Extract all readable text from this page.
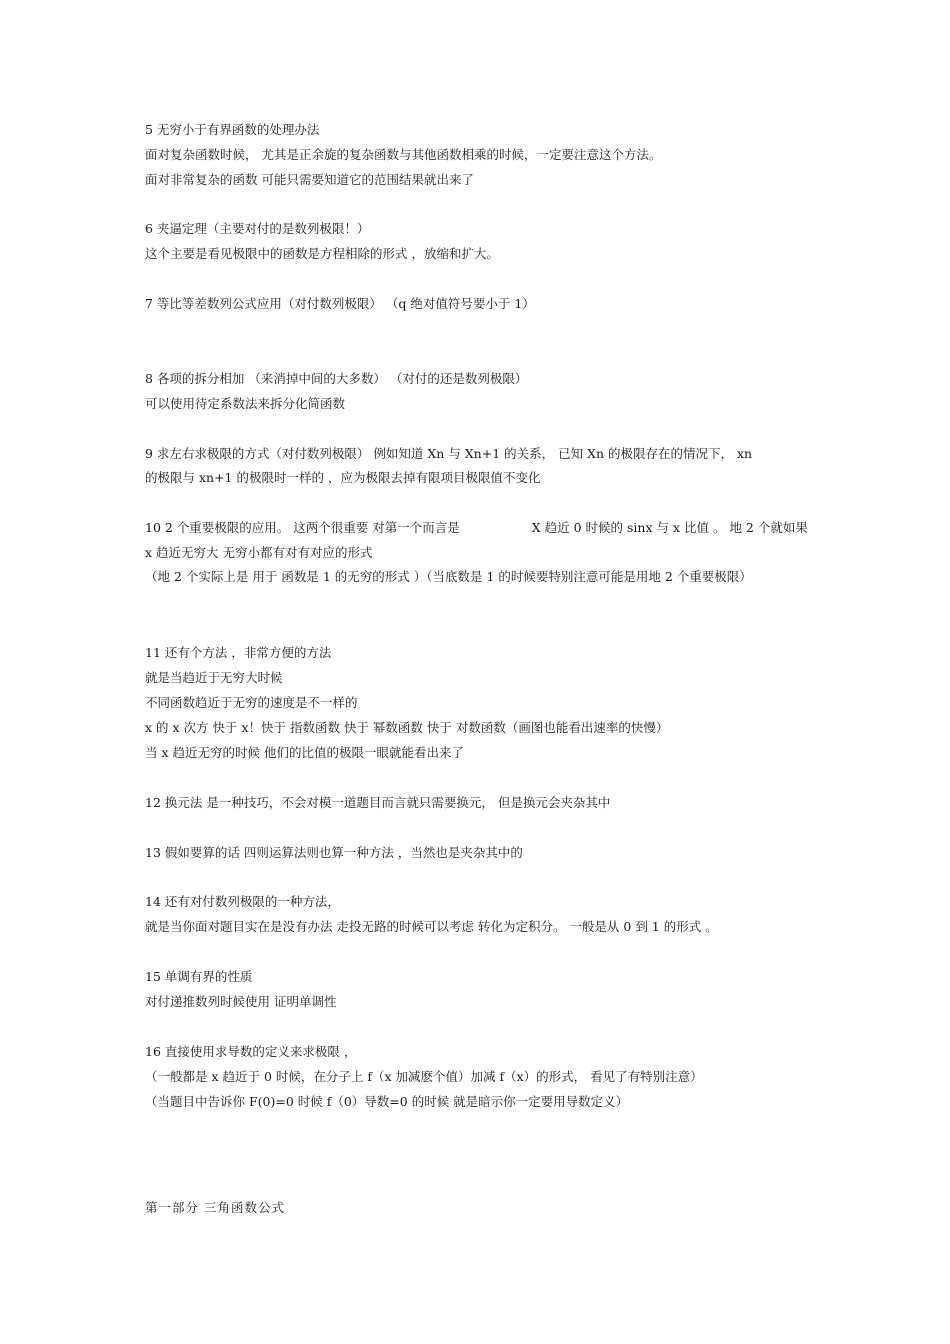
5 无穷小于有界函数的处理办法
面对复杂函数时候， 尤其是正余旋的复杂函数与其他函数相乘的时候，一定要注意这个方法。
面对非常复杂的函数 可能只需要知道它的范围结果就出来了
6 夹逼定理（主要对付的是数列极限！）
这个主要是看见极限中的函数是方程相除的形式 ，放缩和扩大。
7 等比等差数列公式应用（对付数列极限） （q 绝对值符号要小于 1）
8 各项的拆分相加 （来消掉中间的大多数） （对付的还是数列极限）
可以使用待定系数法来拆分化简函数
9 求左右求极限的方式（对付数列极限） 例如知道 Xn 与 Xn+1 的关系， 已知 Xn 的极限存在的情况下， xn
的极限与 xn+1 的极限时一样的 ，应为极限去掉有限项目极限值不变化
10 2 个重要极限的应用。 这两个很重要 对第一个而言是	X 趋近 0 时候的 sinx 与 x 比值 。 地 2 个就如果 x 趋近无穷大 无穷小都有对有对应的形式
（地 2 个实际上是 用于 函数是 1 的无穷的形式 ）（当底数是 1 的时候要特别注意可能是用地 2 个重要极限）
11 还有个方法 ，非常方便的方法
就是当趋近于无穷大时候
不同函数趋近于无穷的速度是不一样的
x 的 x 次方 快于 x！快于 指数函数 快于 幂数函数 快于 对数函数（画图也能看出速率的快慢）
当 x 趋近无穷的时候 他们的比值的极限一眼就能看出来了
12 换元法 是一种技巧，不会对模一道题目而言就只需要换元， 但是换元会夹杂其中
13 假如要算的话 四则运算法则也算一种方法 ，当然也是夹杂其中的
14 还有对付数列极限的一种方法，
就是当你面对题目实在是没有办法 走投无路的时候可以考虑 转化为定积分。 一般是从 0 到 1 的形式 。
15 单调有界的性质
对付递推数列时候使用 证明单调性
16 直接使用求导数的定义来求极限 ，
（一般都是 x 趋近于 0 时候，在分子上 f（x 加减麽个值）加减 f（x）的形式， 看见了有特别注意）
（当题目中告诉你 F(0)=0 时候 f（0）导数=0 的时候 就是暗示你一定要用导数定义）
第一部分 三角函数公式
